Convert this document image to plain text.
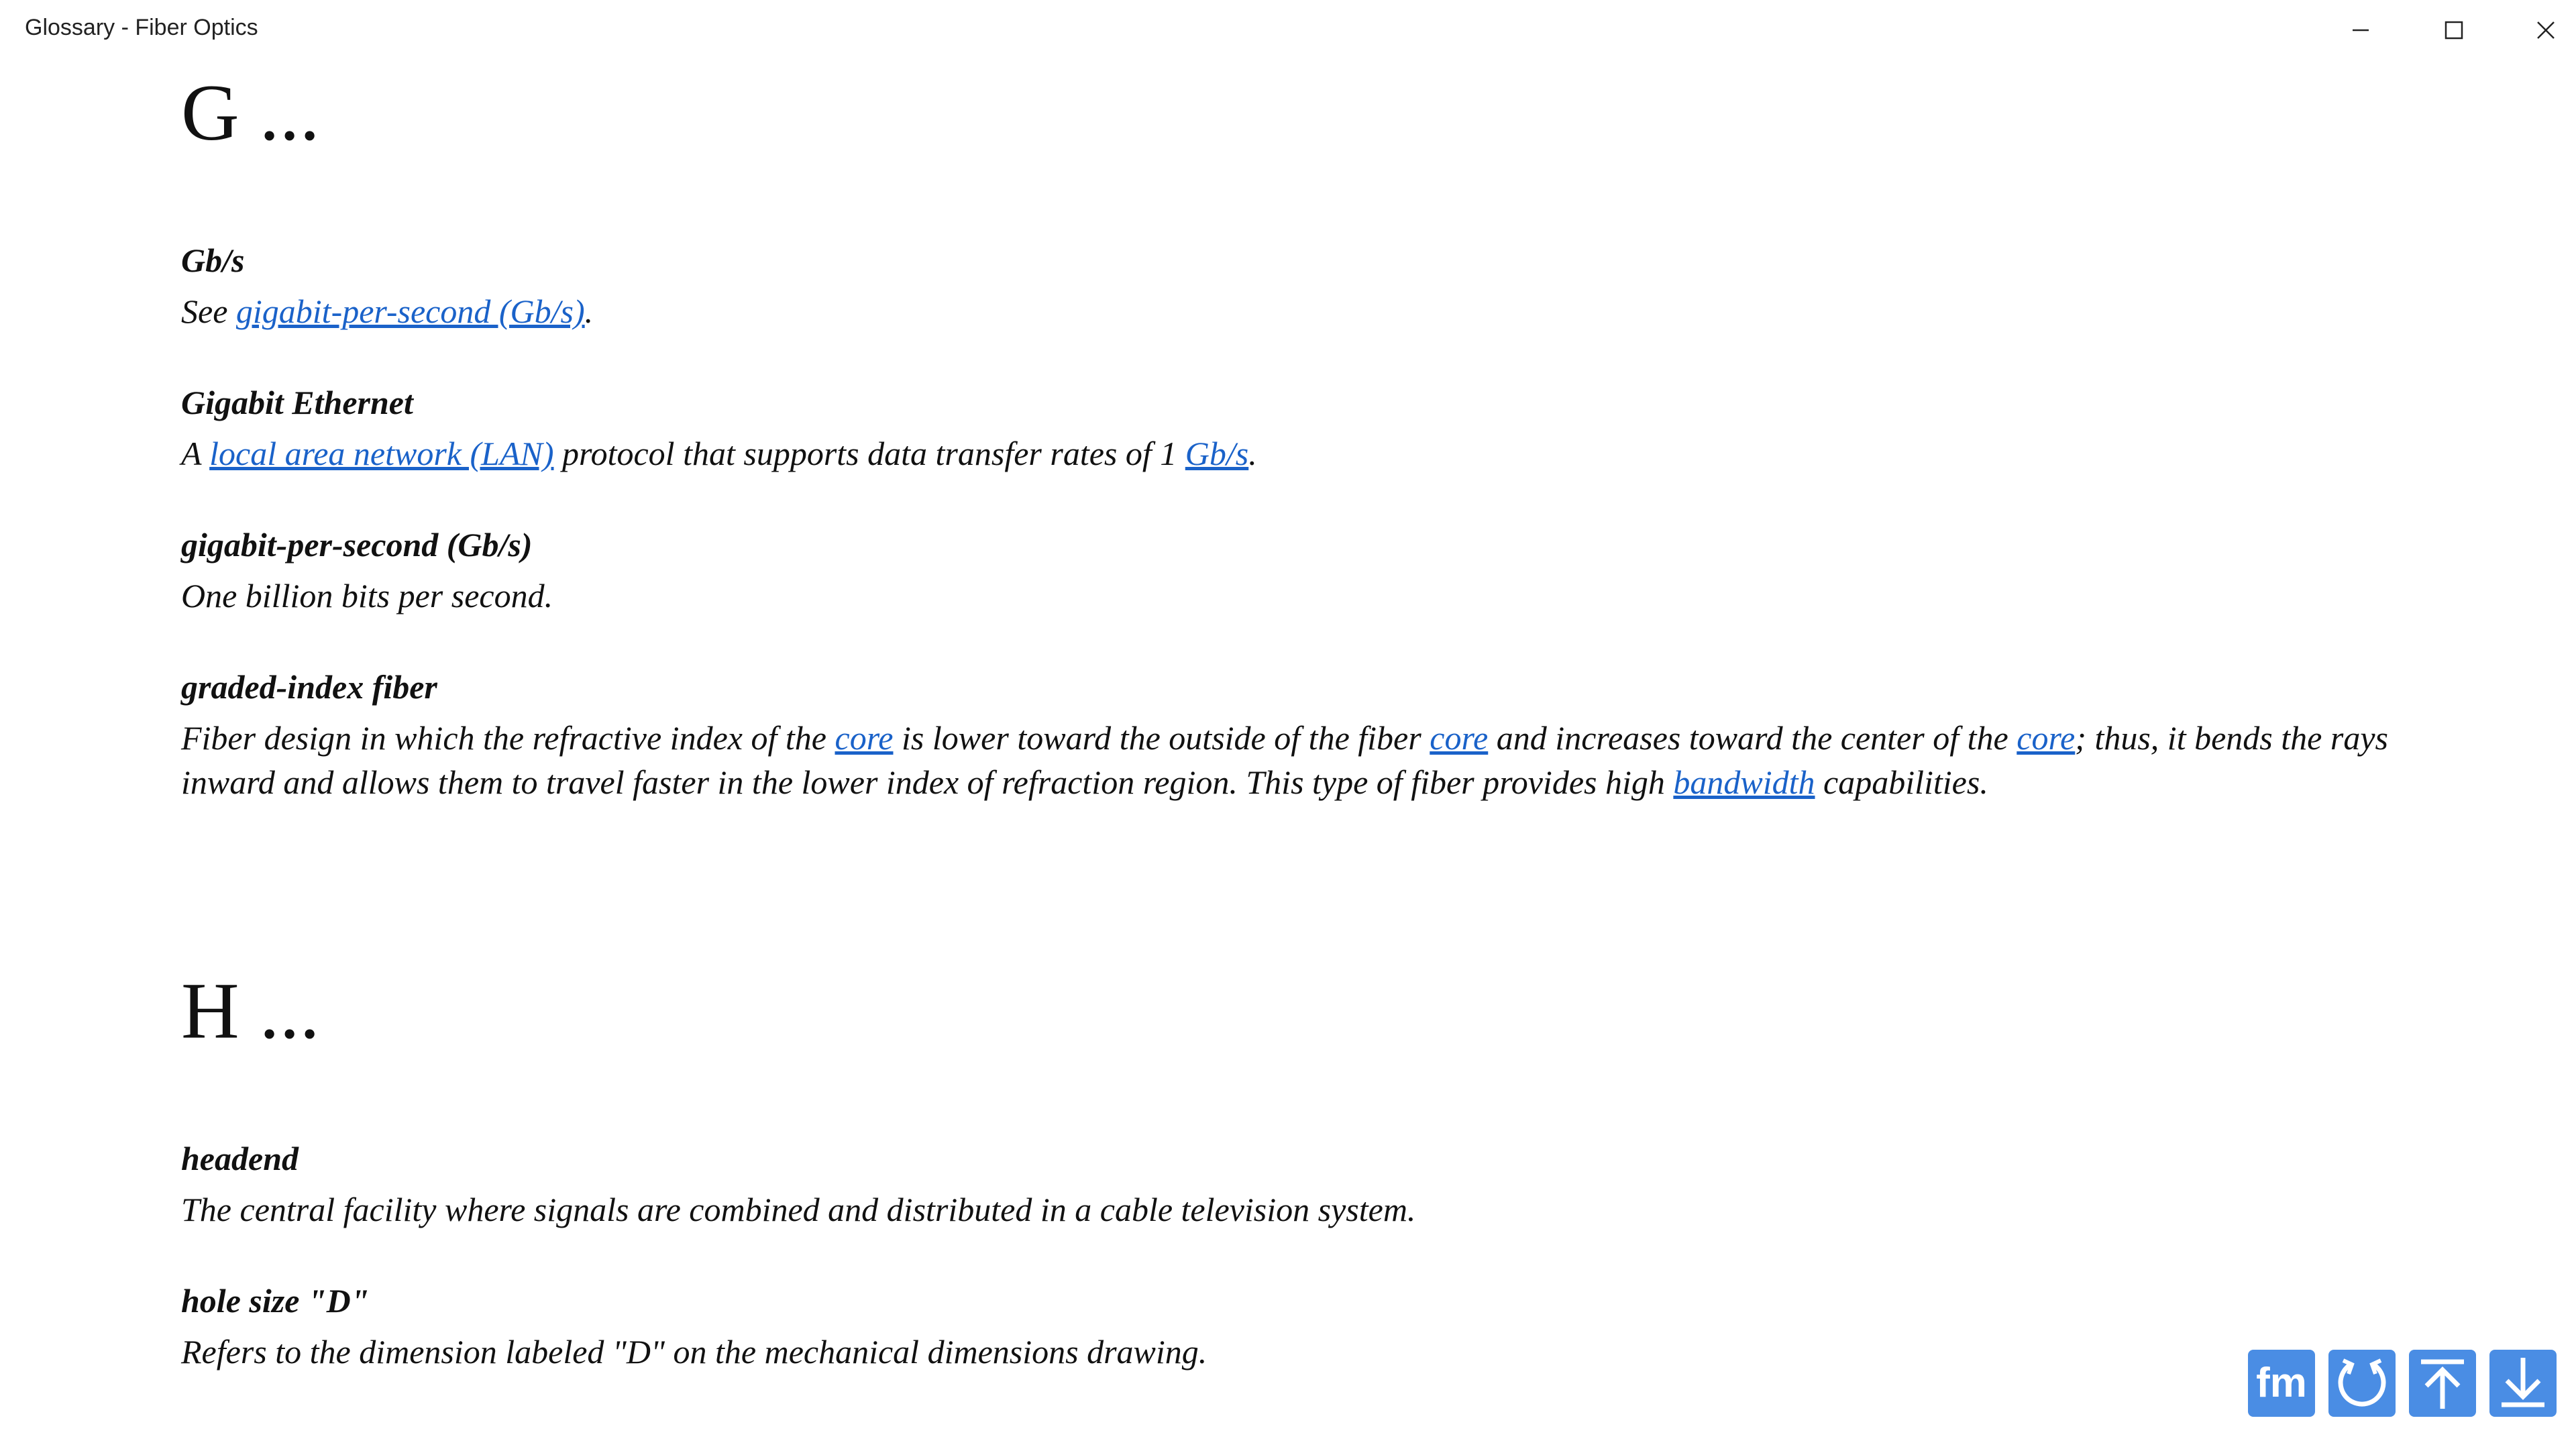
Glossary - Fiber Optics
G ...
Gb/s
See gigabit-per-second (Gb/s).
Gigabit Ethernet
A local area network (LAN) protocol that supports data transfer rates of 1 Gb/s.
gigabit-per-second (Gb/s)
One billion bits per second.
graded-index fiber
Fiber design in which the refractive index of the core is lower toward the outside of the fiber core and increases toward the center of the core; thus, it bends the rays inward and allows them to travel faster in the lower index of refraction region. This type of fiber provides high bandwidth capabilities.
H ...
headend
The central facility where signals are combined and distributed in a cable television system.
hole size "D"
Refers to the dimension labeled "D" on the mechanical dimensions drawing.
fm
